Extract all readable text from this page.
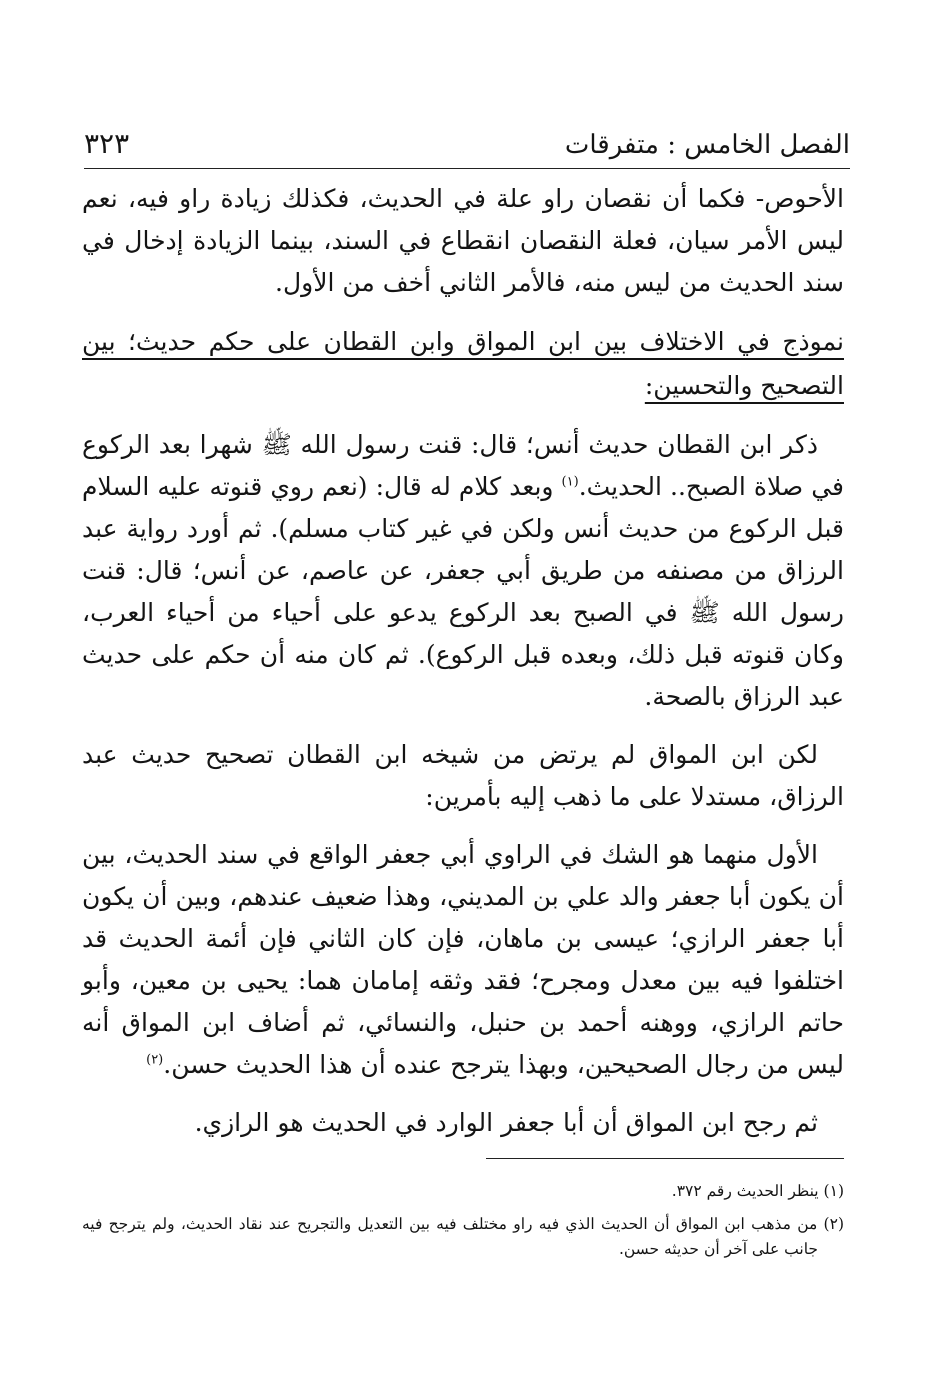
الفصل الخامس : متفرقات
٣٢٣

الأحوص- فكما أن نقصان راو علة في الحديث، فكذلك زيادة راو فيه، نعم ليس الأمر سيان، فعلة النقصان انقطاع في السند، بينما الزيادة إدخال في سند الحديث من ليس منه، فالأمر الثاني أخف من الأول.

نموذج في الاختلاف بين ابن المواق وابن القطان على حكم حديث؛ بين التصحيح والتحسين:

ذكر ابن القطان حديث أنس؛ قال: قنت رسول الله ﷺ شهرا بعد الركوع في صلاة الصبح.. الحديث.$^{(١)}$ وبعد كلام له قال: (نعم روي قنوته عليه السلام قبل الركوع من حديث أنس ولكن في غير كتاب مسلم). ثم أورد رواية عبد الرزاق من مصنفه من طريق أبي جعفر، عن عاصم، عن أنس؛ قال: قنت رسول الله ﷺ في الصبح بعد الركوع يدعو على أحياء من أحياء العرب، وكان قنوته قبل ذلك، وبعده قبل الركوع). ثم كان منه أن حكم على حديث عبد الرزاق بالصحة.

لكن ابن المواق لم يرتض من شيخه ابن القطان تصحيح حديث عبد الرزاق، مستدلا على ما ذهب إليه بأمرين:

الأول منهما هو الشك في الراوي أبي جعفر الواقع في سند الحديث، بين أن يكون أبا جعفر والد علي بن المديني، وهذا ضعيف عندهم، وبين أن يكون أبا جعفر الرازي؛ عيسى بن ماهان، فإن كان الثاني فإن أئمة الحديث قد اختلفوا فيه بين معدل ومجرح؛ فقد وثقه إمامان هما: يحيى بن معين، وأبو حاتم الرازي، ووهنه أحمد بن حنبل، والنسائي، ثم أضاف ابن المواق أنه ليس من رجال الصحيحين، وبهذا يترجح عنده أن هذا الحديث حسن.$^{(٢)}$

ثم رجح ابن المواق أن أبا جعفر الوارد في الحديث هو الرازي.
(١) ينظر الحديث رقم ٣٧٢.
(٢) من مذهب ابن المواق أن الحديث الذي فيه راو مختلف فيه بين التعديل والتجريح عند نقاد الحديث، ولم يترجح فيه جانب على آخر أن حديثه حسن.
